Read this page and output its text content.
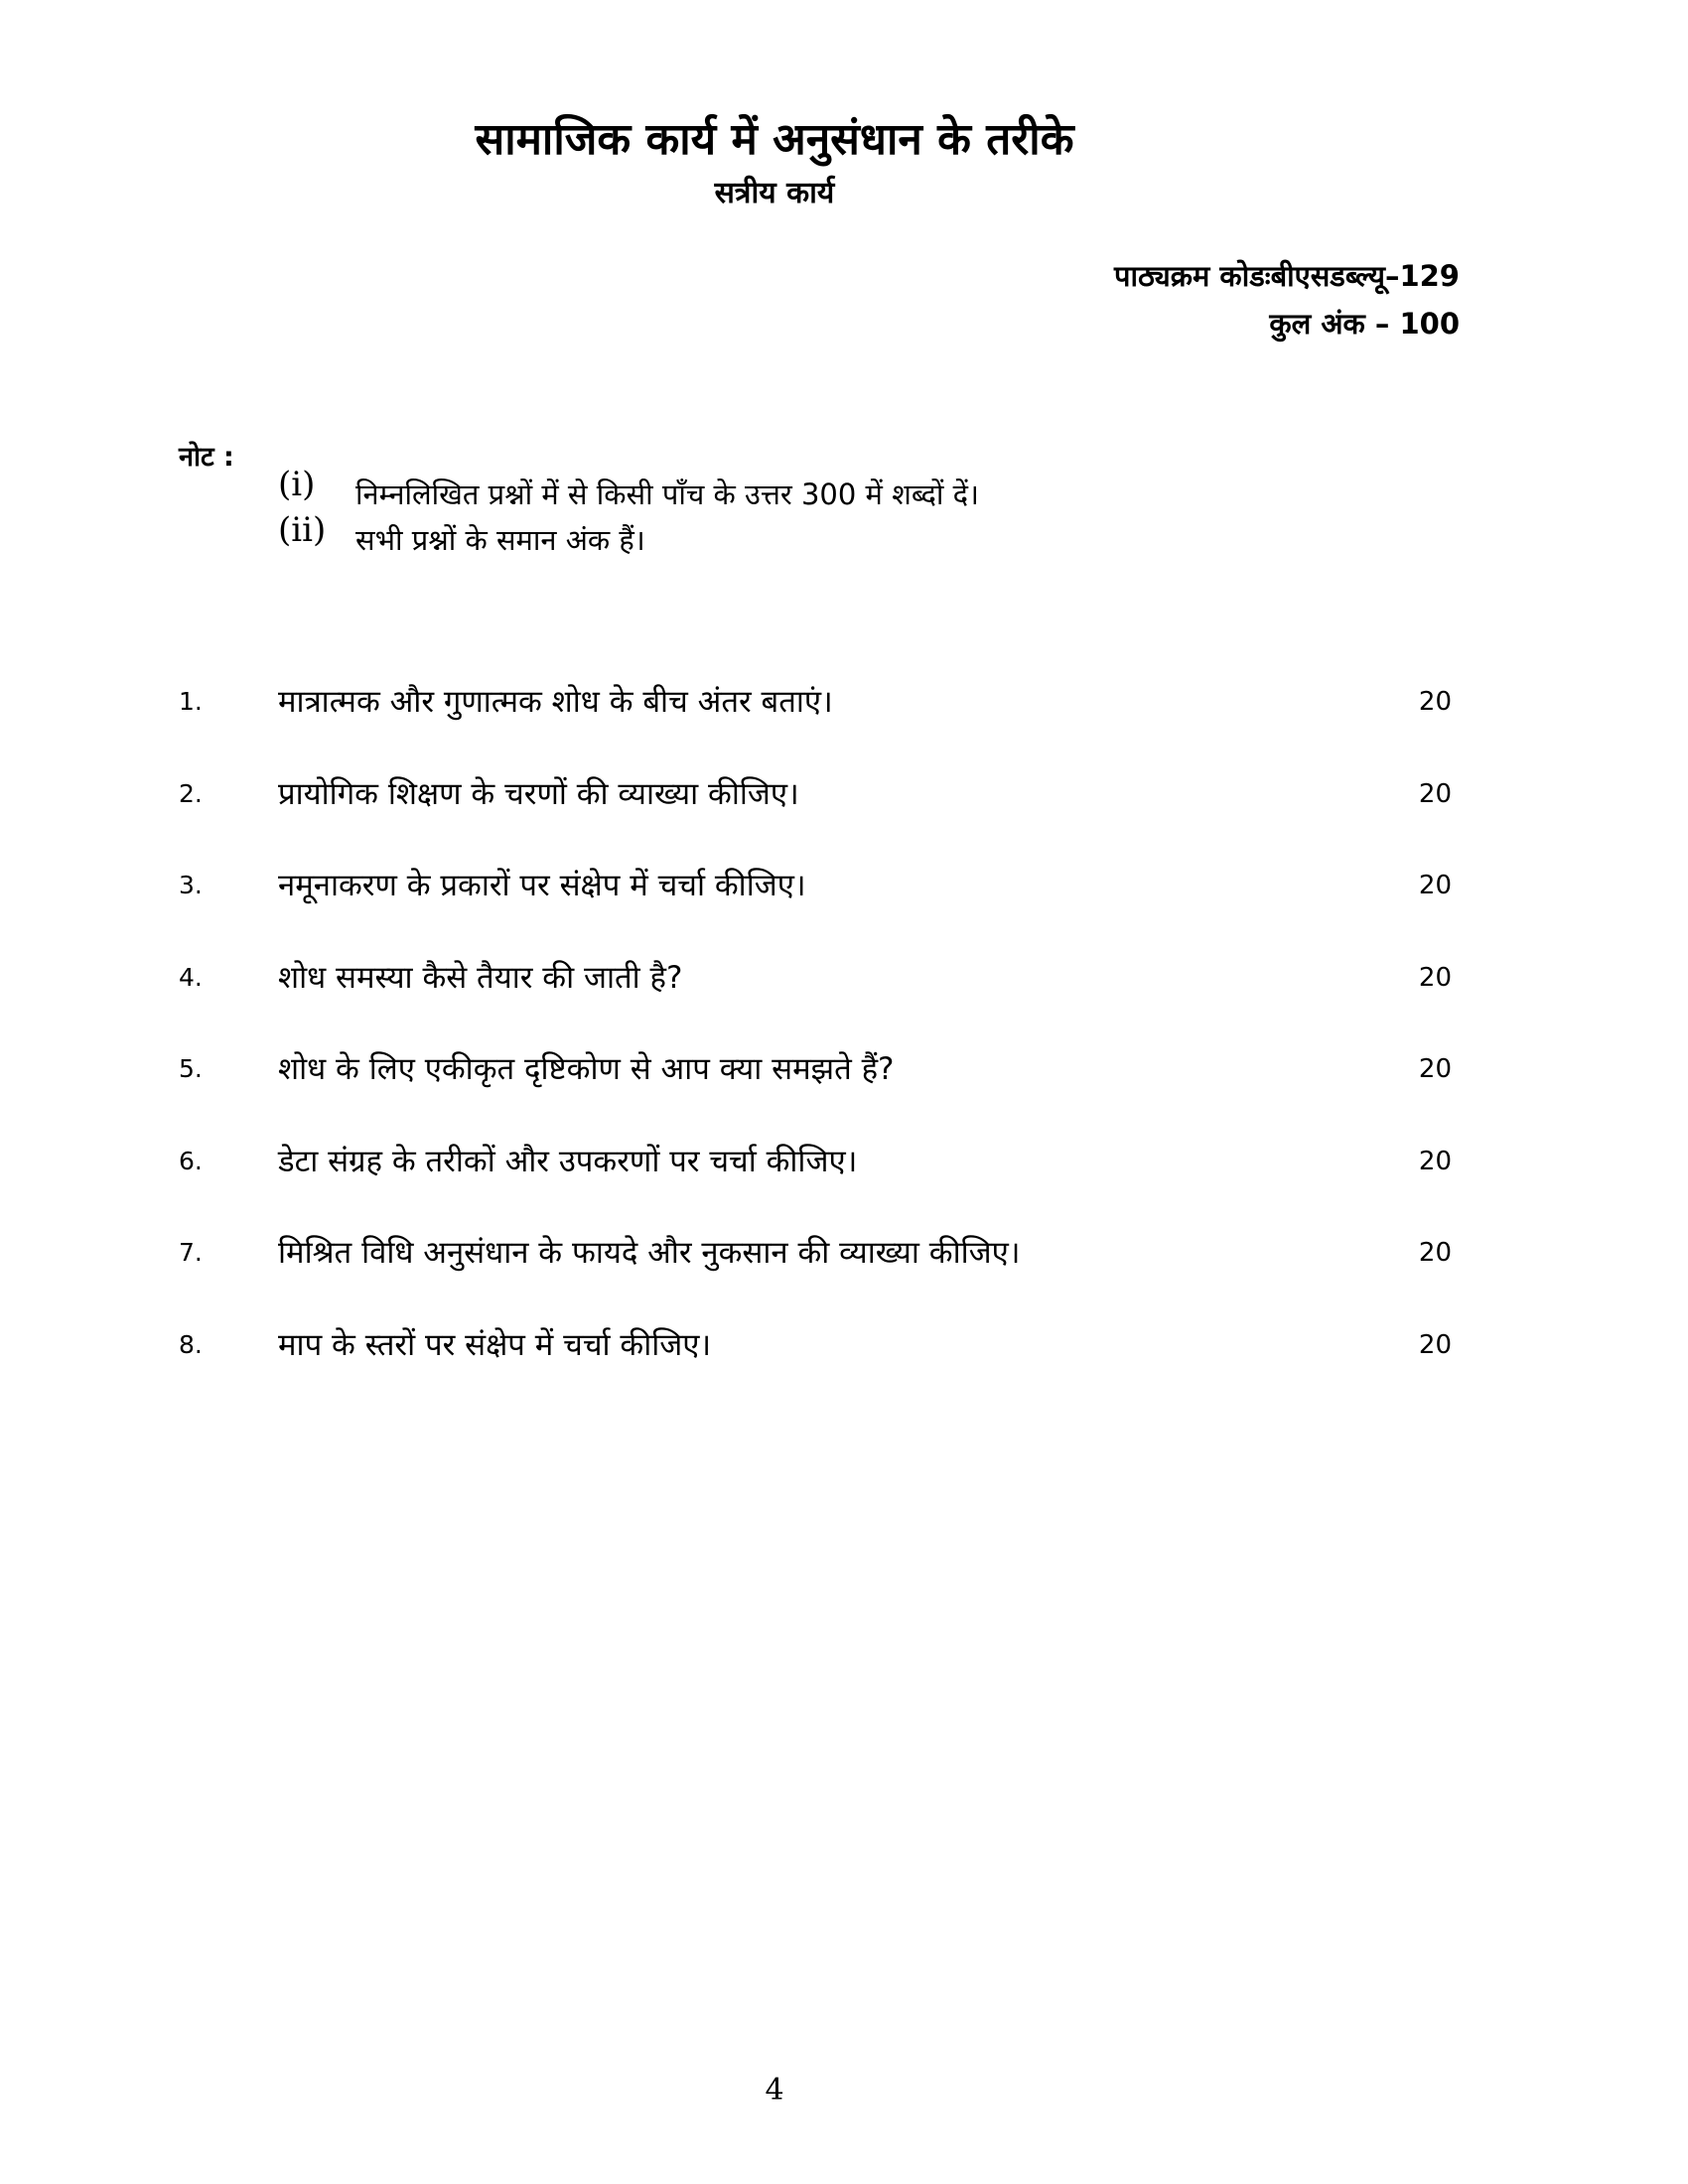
सामाजिक कार्य में अनुसंधान के तरीके
सत्रीय कार्य
पाठ्यक्रम कोडःबीएसडब्ल्यू–129
कुल अंक – 100
नोट :
(i) निम्नलिखित प्रश्नों में से किसी पाँच के उत्तर 300 में शब्दों दें।
(ii) सभी प्रश्नों के समान अंक हैं।
1. मात्रात्मक और गुणात्मक शोध के बीच अंतर बताएं।	20
2. प्रायोगिक शिक्षण के चरणों की व्याख्या कीजिए।	20
3. नमूनाकरण के प्रकारों पर संक्षेप में चर्चा कीजिए।	20
4. शोध समस्या कैसे तैयार की जाती है?	20
5. शोध के लिए एकीकृत दृष्टिकोण से आप क्या समझते हैं?	20
6. डेटा संग्रह के तरीकों और उपकरणों पर चर्चा कीजिए।	20
7. मिश्रित विधि अनुसंधान के फायदे और नुकसान की व्याख्या कीजिए।	20
8. माप के स्तरों पर संक्षेप में चर्चा कीजिए।	20
4
